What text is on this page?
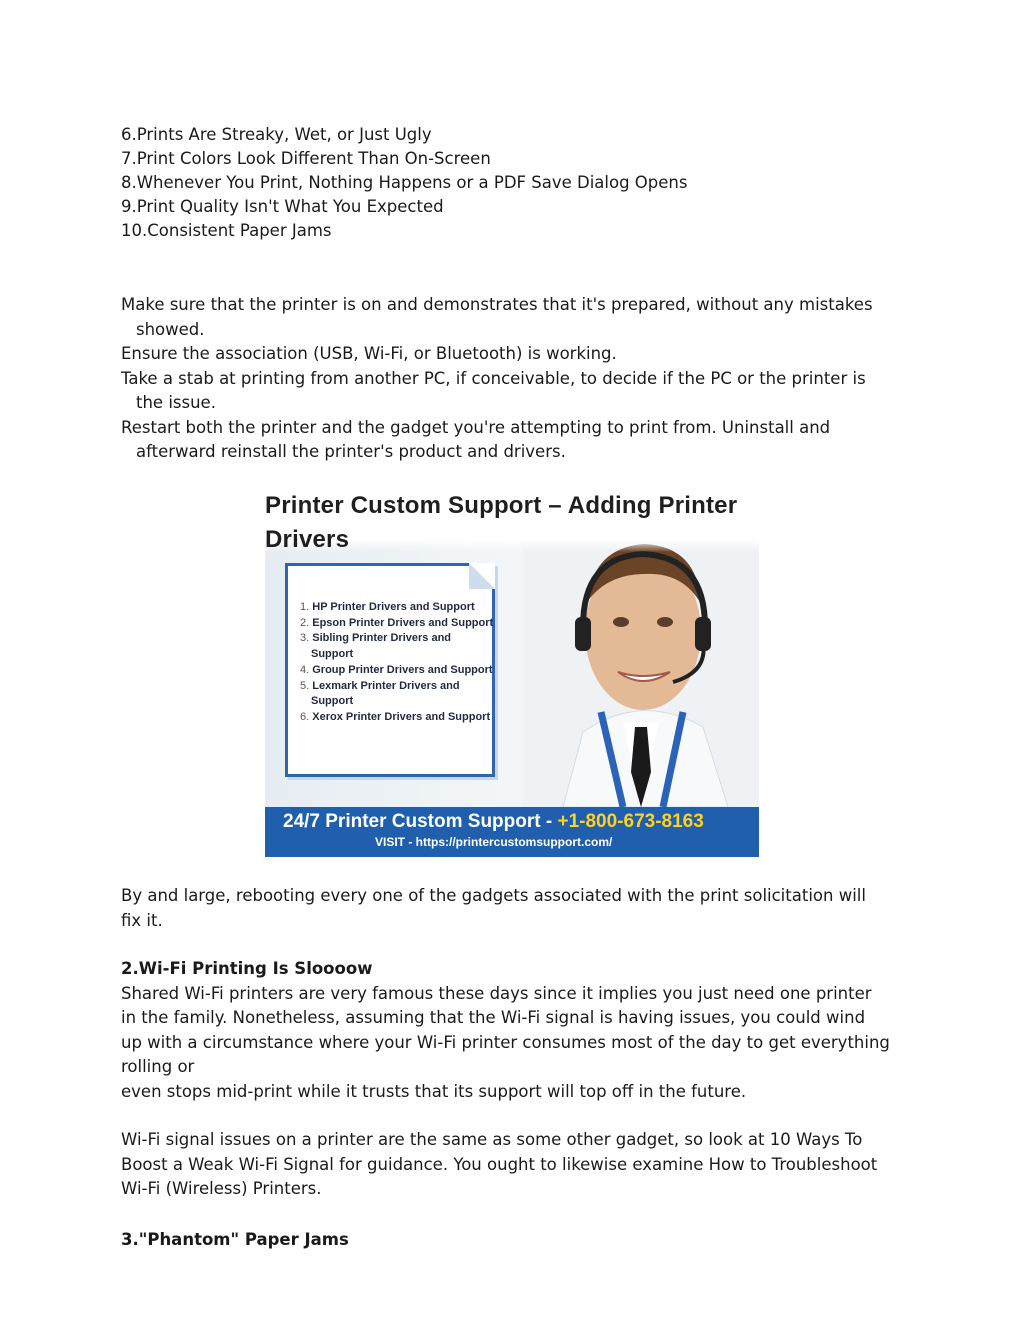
6.Prints Are Streaky, Wet, or Just Ugly

7.Print Colors Look Different Than On-Screen

8.Whenever You Print, Nothing Happens or a PDF Save Dialog Opens

9.Print Quality Isn't What You Expected

10.Consistent Paper Jams

Make sure that the printer is on and demonstrates that it's prepared, without any mistakes showed.

Ensure the association (USB, Wi-Fi, or Bluetooth) is working.

Take a stab at printing from another PC, if conceivable, to decide if the PC or the printer is the issue.

Restart both the printer and the gadget you're attempting to print from. Uninstall and afterward reinstall the printer's product and drivers.

Printer Custom Support – Adding Printer
Drivers
1. HP Printer Drivers and Support
2. Epson Printer Drivers and Support
3. Sibling Printer Drivers and Support
4. Group Printer Drivers and Support
5. Lexmark Printer Drivers and Support
6. Xerox Printer Drivers and Support
24/7 Printer Custom Support - +1-800-673-8163
VISIT - https://printercustomsupport.com/

By and large, rebooting every one of the gadgets associated with the print solicitation will fix it.

2.Wi-Fi Printing Is Sloooow

Shared Wi-Fi printers are very famous these days since it implies you just need one printer in the family. Nonetheless, assuming that the Wi-Fi signal is having issues, you could wind up with a circumstance where your Wi-Fi printer consumes most of the day to get everything rolling or

even stops mid-print while it trusts that its support will top off in the future.

Wi-Fi signal issues on a printer are the same as some other gadget, so look at 10 Ways To Boost a Weak Wi-Fi Signal for guidance. You ought to likewise examine How to Troubleshoot Wi-Fi (Wireless) Printers.

3."Phantom" Paper Jams
